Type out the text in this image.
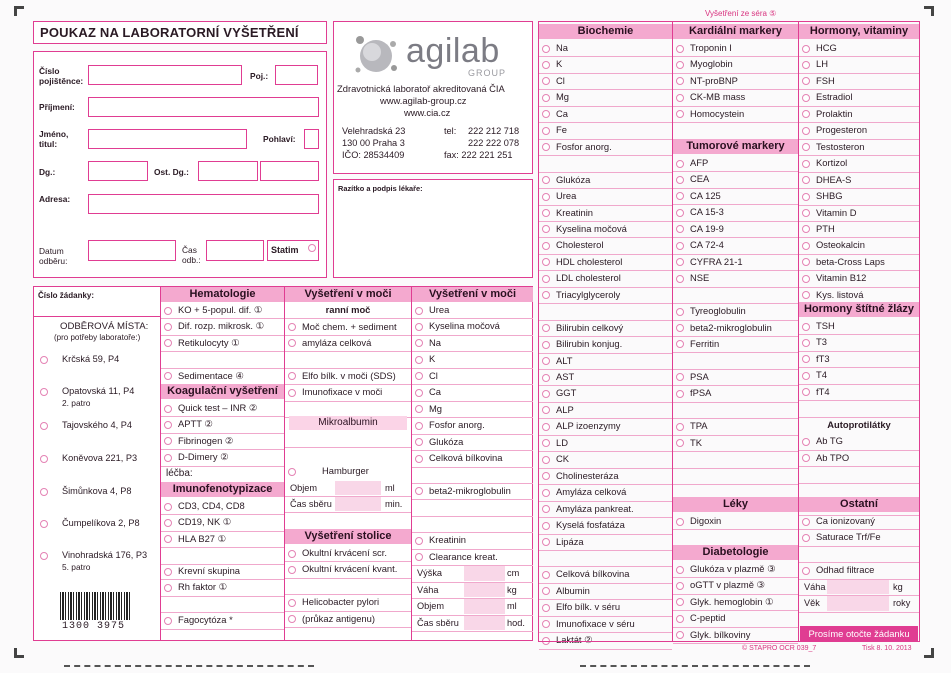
POUKAZ NA LABORATORNÍ VYŠETŘENÍ
Číslo pojištěnce:	Poj.:
Příjmení:
Jméno, titul:	Pohlaví:
Dg.:	Ost. Dg.:
Adresa:
Datum odběru:
Čas odb.:
Statim
agilab
GROUP
Zdravotnická laboratoř akreditovaná ČIA
www.agilab-group.cz
www.cia.cz
Velehradská 23
130 00 Praha 3
IČO: 28534409
tel: 222 212 718
222 222 078
fax: 222 221 251
Razítko a podpis lékaře:
Vyšetření ze séra ⑤
Číslo žádanky:
ODBĚROVÁ MÍSTA:
(pro potřeby laboratoře:)
1300 3975
Krčská 59, P4
Opatovská 11, P4
2. patro
Tajovského 4, P4
Koněvova 221, P3
Šimůnkova 4, P8
Čumpelíkova 2, P8
Vinohradská 176, P3
5. patro
Hematologie
KO + 5-popul. dif. ①
Dif. rozp. mikrosk. ①
Retikulocyty ①
Sedimentace ④
Koagulační vyšetření
Quick test – INR ②
APTT ②
Fibrinogen ②
D-Dimery ②
léčba:
Imunofenotypizace
CD3, CD4, CD8
CD19, NK ①
HLA B27 ①
Krevní skupina
Rh faktor ①
Fagocytóza *
Vyšetření v moči
ranní moč
Moč chem. + sediment
amyláza celková
Elfo bílk. v moči (SDS)
Imunofixace v moči
Mikroalbumin
Hamburger
Objem	ml
Čas sběru	min.
Vyšetření stolice
Okultní krvácení scr.
Okultní krvácení kvant.
Helicobacter pylori
(průkaz antigenu)
Vyšetření v moči
Urea
Kyselina močová
Na
K
Cl
Ca
Mg
Fosfor anorg.
Glukóza
Celková bílkovina
beta2-mikroglobulin
Kreatinin
Clearance kreat.
Výška	cm
Váha	kg
Objem	ml
Čas sběru	hod.
Biochemie
Na
K
Cl
Mg
Ca
Fe
Fosfor anorg.
Glukóza
Urea
Kreatinin
Kyselina močová
Cholesterol
HDL cholesterol
LDL cholesterol
Triacylglyceroly
Bilirubin celkový
Bilirubin konjug.
ALT
AST
GGT
ALP
ALP izoenzymy
LD
CK
Cholinesteráza
Amyláza celková
Amyláza pankreat.
Kyselá fosfatáza
Lipáza
Celková bílkovina
Albumin
Elfo bílk. v séru
Imunofixace v séru
Laktát ②
Kardiální markery
Troponin I
Myoglobin
NT-proBNP
CK-MB mass
Homocystein
Tumorové markery
AFP
CEA
CA 125
CA 15-3
CA 19-9
CA 72-4
CYFRA 21-1
NSE
Tyreoglobulin
beta2-mikroglobulin
Ferritin
PSA
fPSA
TPA
TK
Léky
Digoxin
Diabetologie
Glukóza v plazmě ③
oGTT v plazmě ③
Glyk. hemoglobin ①
C-peptid
Glyk. bílkoviny
Hormony, vitaminy
HCG
LH
FSH
Estradiol
Prolaktin
Progesteron
Testosteron
Kortizol
DHEA-S
SHBG
Vitamin D
PTH
Osteokalcin
beta-Cross Laps
Vitamin B12
Kys. listová
Hormony štítné žlázy
TSH
T3
fT3
T4
fT4
Autoprotilátky
Ab TG
Ab TPO
Ostatní
Ca ionizovaný
Saturace Trf/Fe
Odhad filtrace
Váha	kg
Věk	roky
Prosíme otočte žádanku
© STAPRO OCR 039_7	Tisk 8. 10. 2013
